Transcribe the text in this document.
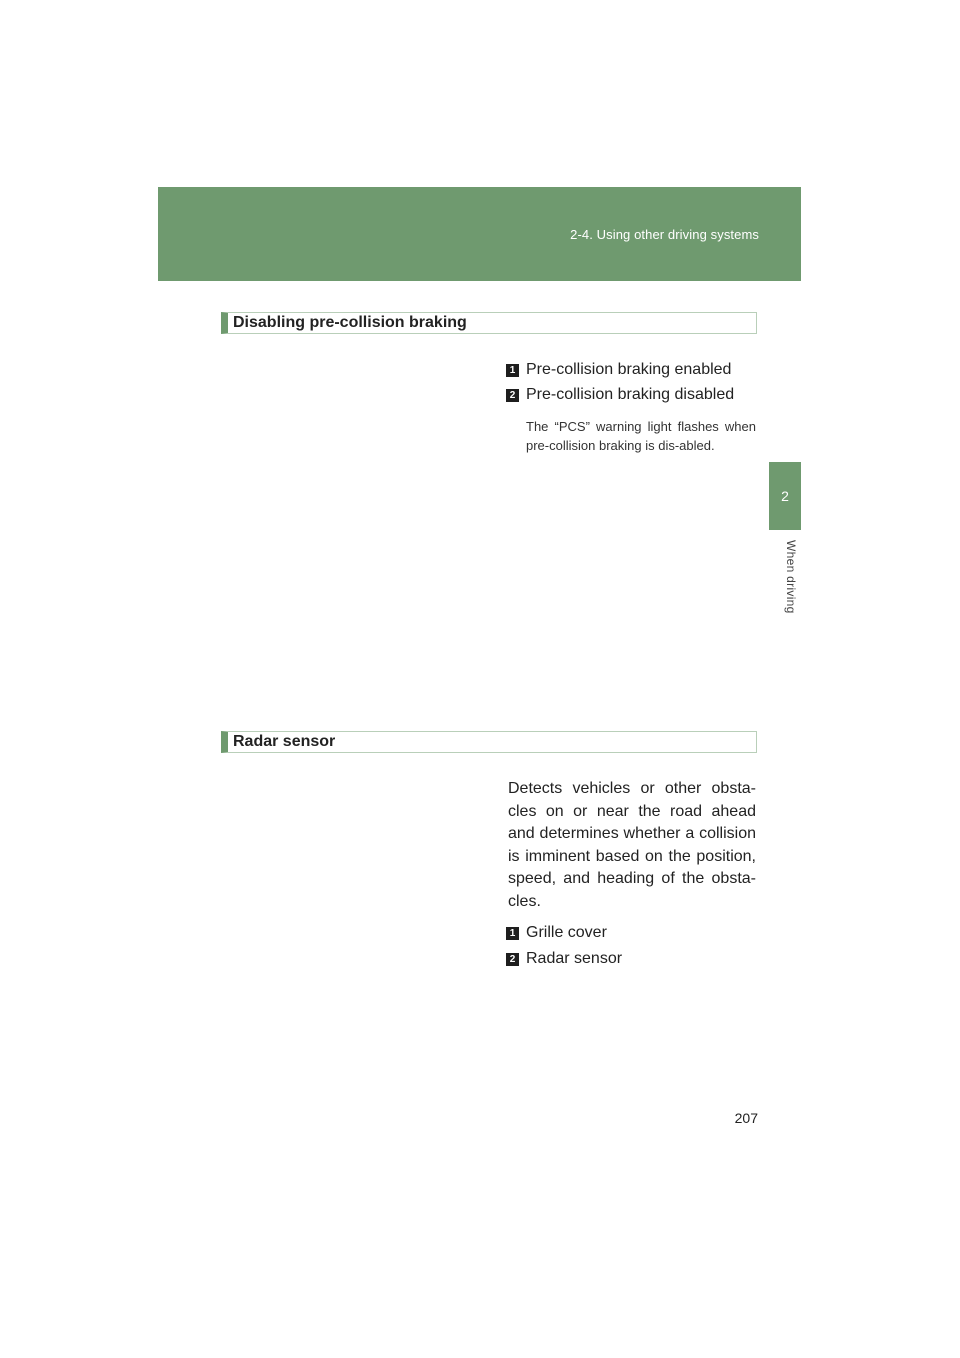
2-4. Using other driving systems
2
When driving
Disabling pre-collision braking
1 Pre-collision braking enabled
2 Pre-collision braking disabled
The “PCS” warning light flashes when pre-collision braking is dis-abled.
Radar sensor
Detects vehicles or other obsta-cles on or near the road ahead and determines whether a collision is imminent based on the position, speed, and heading of the obsta-cles.
1 Grille cover
2 Radar sensor
207
